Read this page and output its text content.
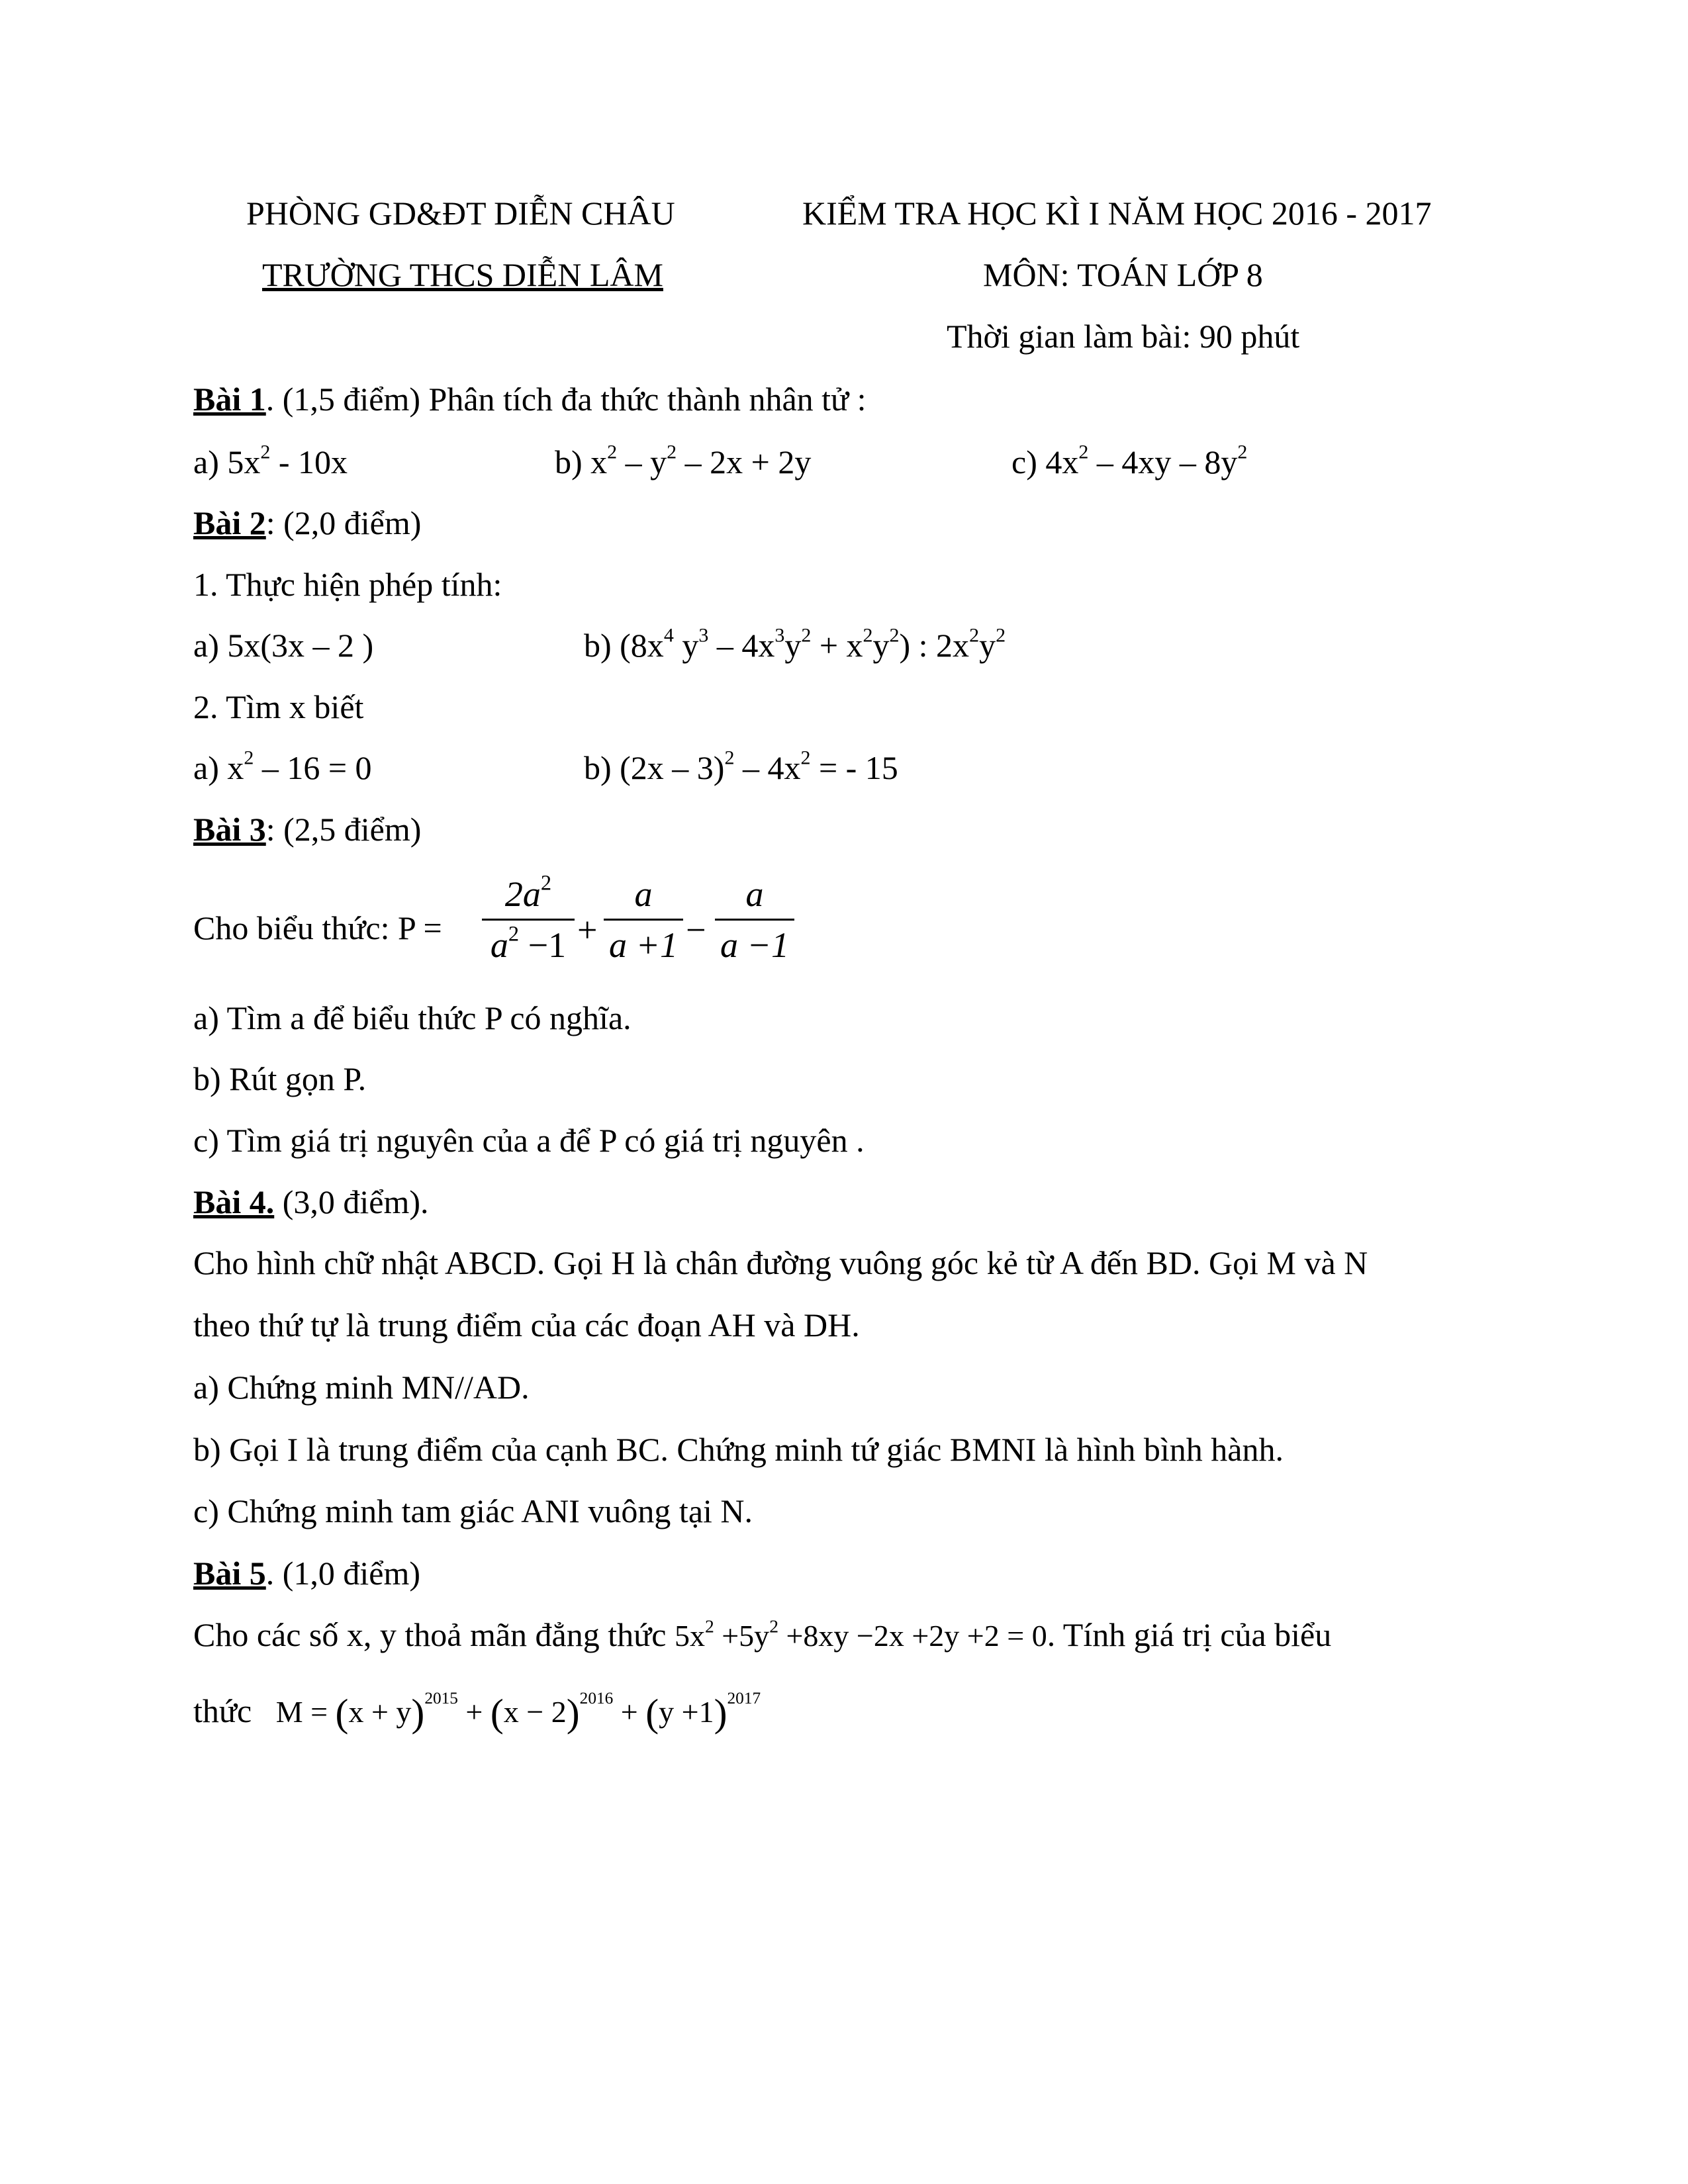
PHÒNG GD&ĐT DIỄN CHÂU	KIỂM TRA HỌC KÌ I NĂM HỌC 2016 - 2017
TRƯỜNG THCS DIỄN LÂM	MÔN: TOÁN LỚP 8
Thời gian làm bài: 90 phút
Bài 1. (1,5 điểm) Phân tích đa thức thành nhân tử :
a) $5x^2 - 10x$	b) $x^2 - y^2 - 2x + 2y$	c) $4x^2 - 4xy - 8y^2$
Bài 2: (2,0 điểm)
1. Thực hiện phép tính:
a) 5x(3x – 2 )	b) ($8x^4$ $y^3 - 4x^3y^2 + x^2y^2$) : $2x^2y^2$
2. Tìm x biết
a) $x^2 - 16 = 0$	b) $(2x - 3)^2 - 4x^2$ = - 15
Bài 3: (2,5 điểm)
Cho biểu thức: P =
$2a^2$
$a^2 -1$ +
a
a +1 −
a
a −1
a) Tìm a để biểu thức P có nghĩa.
b) Rút gọn P.
c) Tìm giá trị nguyên của a để P có giá trị nguyên .
Bài 4. (3,0 điểm).
Cho hình chữ nhật ABCD. Gọi H là chân đường vuông góc kẻ từ A đến BD. Gọi M và N
theo thứ tự là trung điểm của các đoạn AH và DH.
a) Chứng minh MN//AD.
b) Gọi I là trung điểm của cạnh BC. Chứng minh tứ giác BMNI là hình bình hành.
c) Chứng minh tam giác ANI vuông tại N.
Bài 5. (1,0 điểm)
Cho các số x, y thoả mãn đẳng thức $5x^2 +5y^2 +8xy -2x +2y +2 = 0$. Tính giá trị của biểu
thức $M = (x + y)^{2015} + (x - 2)^{2016} + (y +1)^{2017}$
